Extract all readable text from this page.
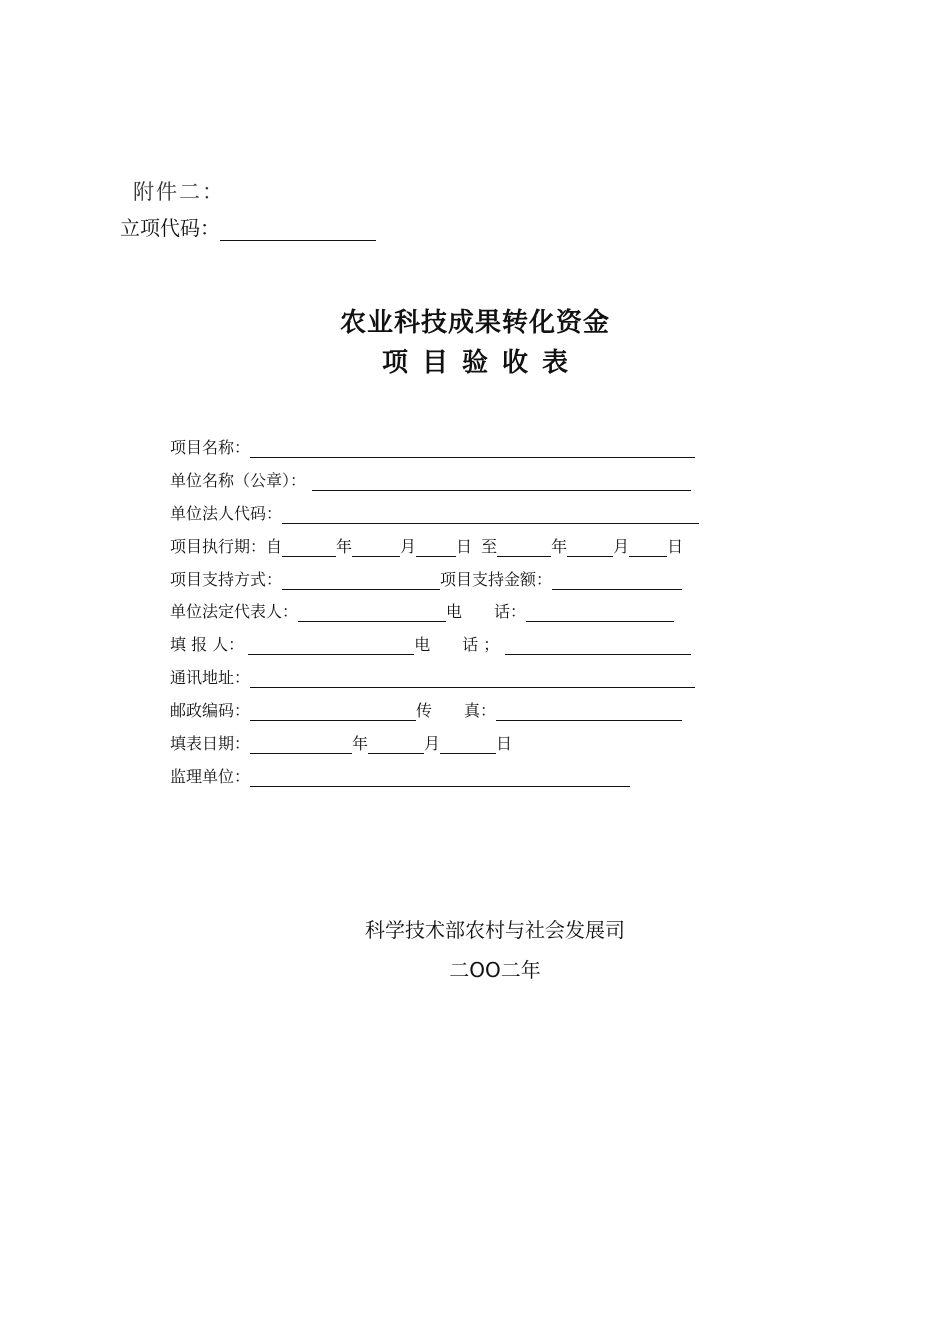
附件二：
立项代码：
农业科技成果转化资金
项目验收表
项目名称：
单位名称（公章）：
单位法人代码：
项目执行期：自	年	月	日 至	年	月 日
项目支持方式：	项目支持金额：
单位法定代表人：	电　　话：
填 报 人：	电　　话 ；
通讯地址：
邮政编码：	传　　真：
填表日期：	年	月	日
监理单位：
科学技术部农村与社会发展司
二OO二年
